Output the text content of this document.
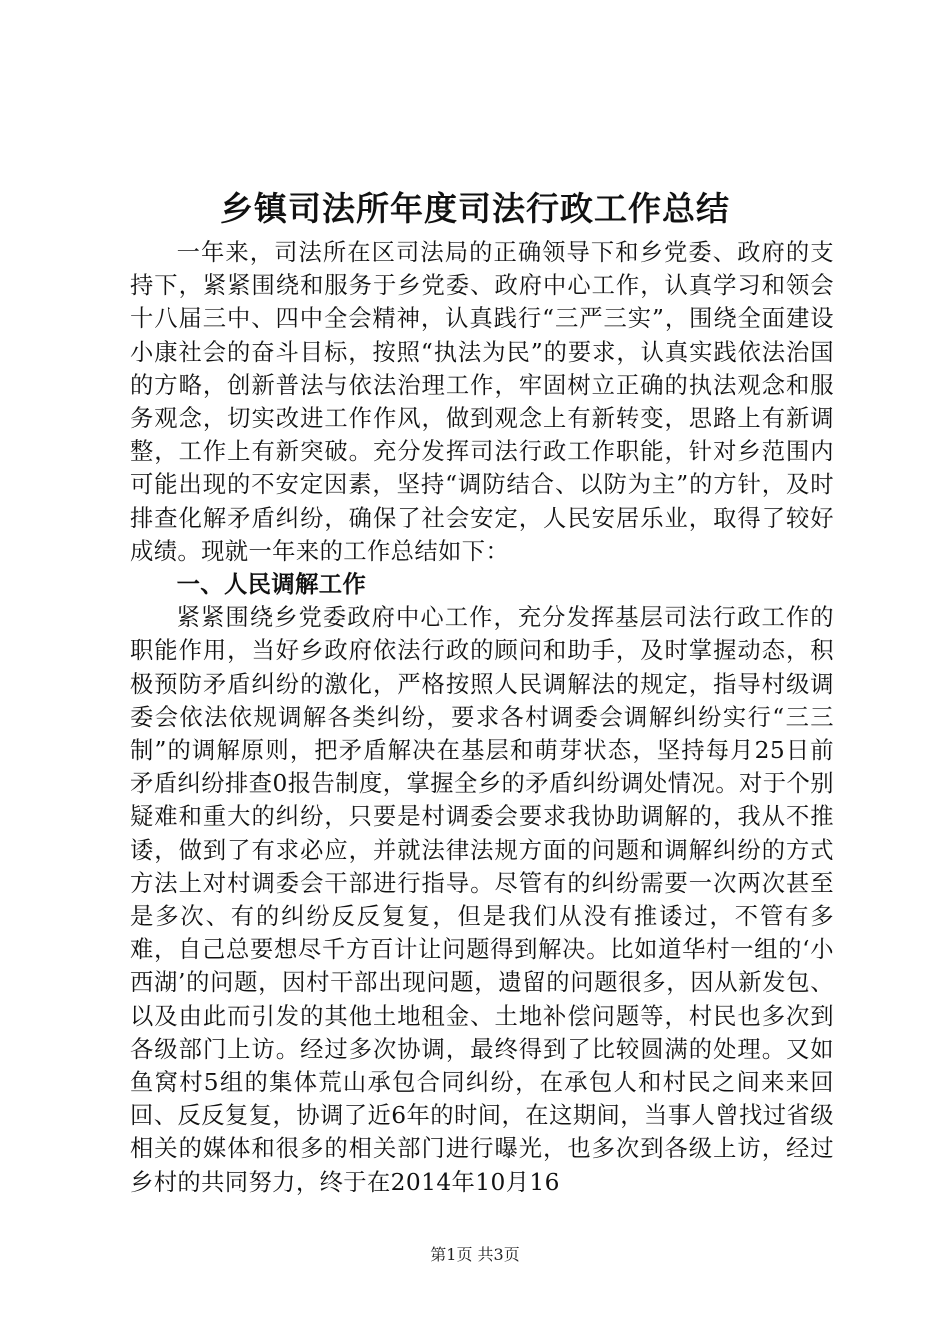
乡镇司法所年度司法行政工作总结

一年来，司法所在区司法局的正确领导下和乡党委、政府的支持下，紧紧围绕和服务于乡党委、政府中心工作，认真学习和领会十八届三中、四中全会精神，认真践行“三严三实”，围绕全面建设小康社会的奋斗目标，按照“执法为民”的要求，认真实践依法治国的方略，创新普法与依法治理工作，牢固树立正确的执法观念和服务观念，切实改进工作作风，做到观念上有新转变，思路上有新调整，工作上有新突破。充分发挥司法行政工作职能，针对乡范围内可能出现的不安定因素，坚持“调防结合、以防为主”的方针，及时排查化解矛盾纠纷，确保了社会安定，人民安居乐业，取得了较好成绩。现就一年来的工作总结如下：

一、人民调解工作

紧紧围绕乡党委政府中心工作，充分发挥基层司法行政工作的职能作用，当好乡政府依法行政的顾问和助手，及时掌握动态，积极预防矛盾纠纷的激化，严格按照人民调解法的规定，指导村级调委会依法依规调解各类纠纷，要求各村调委会调解纠纷实行“三三制”的调解原则，把矛盾解决在基层和萌芽状态，坚持每月25日前矛盾纠纷排查0报告制度，掌握全乡的矛盾纠纷调处情况。对于个别疑难和重大的纠纷，只要是村调委会要求我协助调解的，我从不推诿，做到了有求必应，并就法律法规方面的问题和调解纠纷的方式方法上对村调委会干部进行指导。尽管有的纠纷需要一次两次甚至是多次、有的纠纷反反复复，但是我们从没有推诿过，不管有多难，自己总要想尽千方百计让问题得到解决。比如道华村一组的‘小西湖’的问题，因村干部出现问题，遗留的问题很多，因从新发包、以及由此而引发的其他土地租金、土地补偿问题等，村民也多次到各级部门上访。经过多次协调，最终得到了比较圆满的处理。又如鱼窝村5组的集体荒山承包合同纠纷，在承包人和村民之间来来回回、反反复复，协调了近6年的时间，在这期间，当事人曾找过省级相关的媒体和很多的相关部门进行曝光，也多次到各级上访，经过乡村的共同努力，终于在2014年10月16

第1页 共3页
